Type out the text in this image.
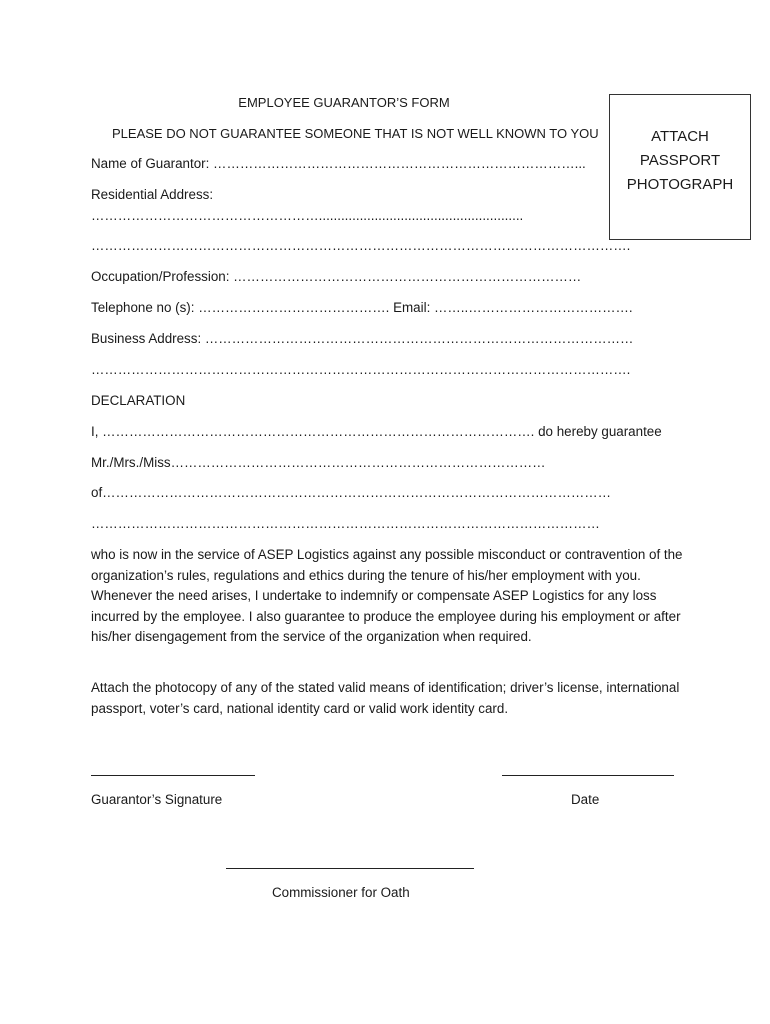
EMPLOYEE GUARANTOR’S FORM
PLEASE DO NOT GUARANTEE SOMEONE THAT IS NOT WELL KNOWN TO YOU	ATTACH
PASSPORT
PHOTOGRAPH
Name of Guarantor: ………………………………………………………………………...
Residential Address:
…………………………………………….......................................................
………………………………………………………………………………………………………….
Occupation/Profession: ……………………………………………………………………
Telephone no (s): ……………………………………. Email: ……..……………………………….
Business Address: ……………………………………………………………………………………
………………………………………………………………………………………………………….
DECLARATION
I, ……………………………………………………………………………………. do hereby guarantee
Mr./Mrs./Miss…………………………………………………………………………
of……………………………………………………………………………………………………
……………………………………………………………………………………………………
who is now in the service of ASEP Logistics against any possible misconduct or contravention of the organization’s rules, regulations and ethics during the tenure of his/her employment with you. Whenever the need arises, I undertake to indemnify or compensate ASEP Logistics for any loss incurred by the employee. I also guarantee to produce the employee during his employment or after his/her disengagement from the service of the organization when required.
Attach the photocopy of any of the stated valid means of identification; driver’s license, international passport, voter’s card, national identity card or valid work identity card.
Guarantor’s Signature	Date
Commissioner for Oath
